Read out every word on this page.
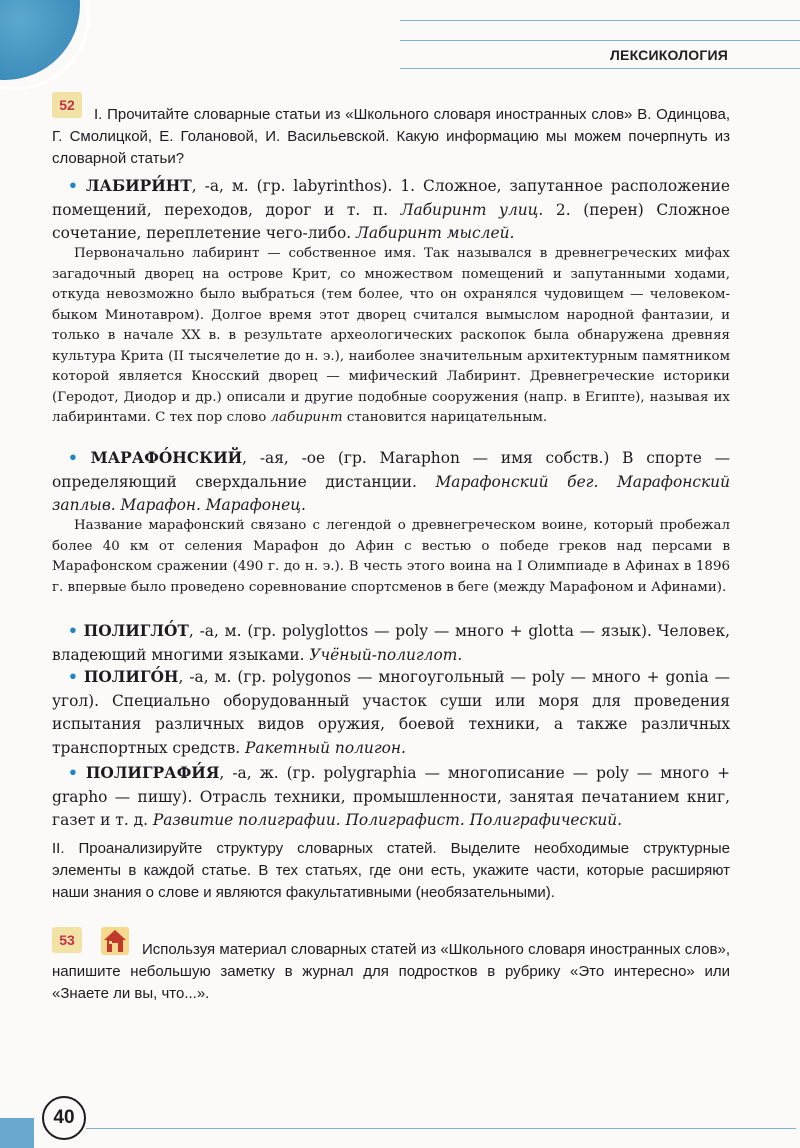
ЛЕКСИКОЛОГИЯ
52

I. Прочитайте словарные статьи из «Школьного словаря иностранных слов» В. Одинцова, Г. Смолицкой, Е. Голановой, И. Васильевской. Какую информацию мы можем почерпнуть из словарной статьи?

• ЛАБИРИ́НТ, -а, м. (гр. labyrinthos). 1. Сложное, запутанное расположение помещений, переходов, дорог и т. п. Лабиринт улиц. 2. (перен) Сложное сочетание, переплетение чего-либо. Лабиринт мыслей.

Первоначально лабиринт — собственное имя. Так назывался в древнегреческих мифах загадочный дворец на острове Крит, со множеством помещений и запутанными ходами, откуда невозможно было выбраться (тем более, что он охранялся чудовищем — человеком-быком Минотавром). Долгое время этот дворец считался вымыслом народной фантазии, и только в начале XX в. в результате археологических раскопок была обнаружена древняя культура Крита (II тысячелетие до н. э.), наиболее значительным архитектурным памятником которой является Кносский дворец — мифический Лабиринт. Древнегреческие историки (Геродот, Диодор и др.) описали и другие подобные сооружения (напр. в Египте), называя их лабиринтами. С тех пор слово лабиринт становится нарицательным.

• МАРАФО́НСКИЙ, -ая, -ое (гр. Maraphon — имя собств.) В спорте — определяющий сверхдальние дистанции. Марафонский бег. Марафонский заплыв. Марафон. Марафонец.

Название марафонский связано с легендой о древнегреческом воине, который пробежал более 40 км от селения Марафон до Афин с вестью о победе греков над персами в Марафонском сражении (490 г. до н. э.). В честь этого воина на I Олимпиаде в Афинах в 1896 г. впервые было проведено соревнование спортсменов в беге (между Марафоном и Афинами).

• ПОЛИГЛО́Т, -а, м. (гр. polyglottos — poly — много + glotta — язык). Человек, владеющий многими языками. Учёный-полиглот.

• ПОЛИГО́Н, -а, м. (гр. polygonos — многоугольный — poly — много + gonia — угол). Специально оборудованный участок суши или моря для проведения испытания различных видов оружия, боевой техники, а также различных транспортных средств. Ракетный полигон.

• ПОЛИГРАФИ́Я, -а, ж. (гр. polygraphia — многописание — poly — много + grapho — пишу). Отрасль техники, промышленности, занятая печатанием книг, газет и т. д. Развитие полиграфии. Полиграфист. Полиграфический.

II. Проанализируйте структуру словарных статей. Выделите необходимые структурные элементы в каждой статье. В тех статьях, где они есть, укажите части, которые расширяют наши знания о слове и являются факультативными (необязательными).

53

Используя материал словарных статей из «Школьного словаря иностранных слов», напишите небольшую заметку в журнал для подростков в рубрику «Это интересно» или «Знаете ли вы, что...».

40
